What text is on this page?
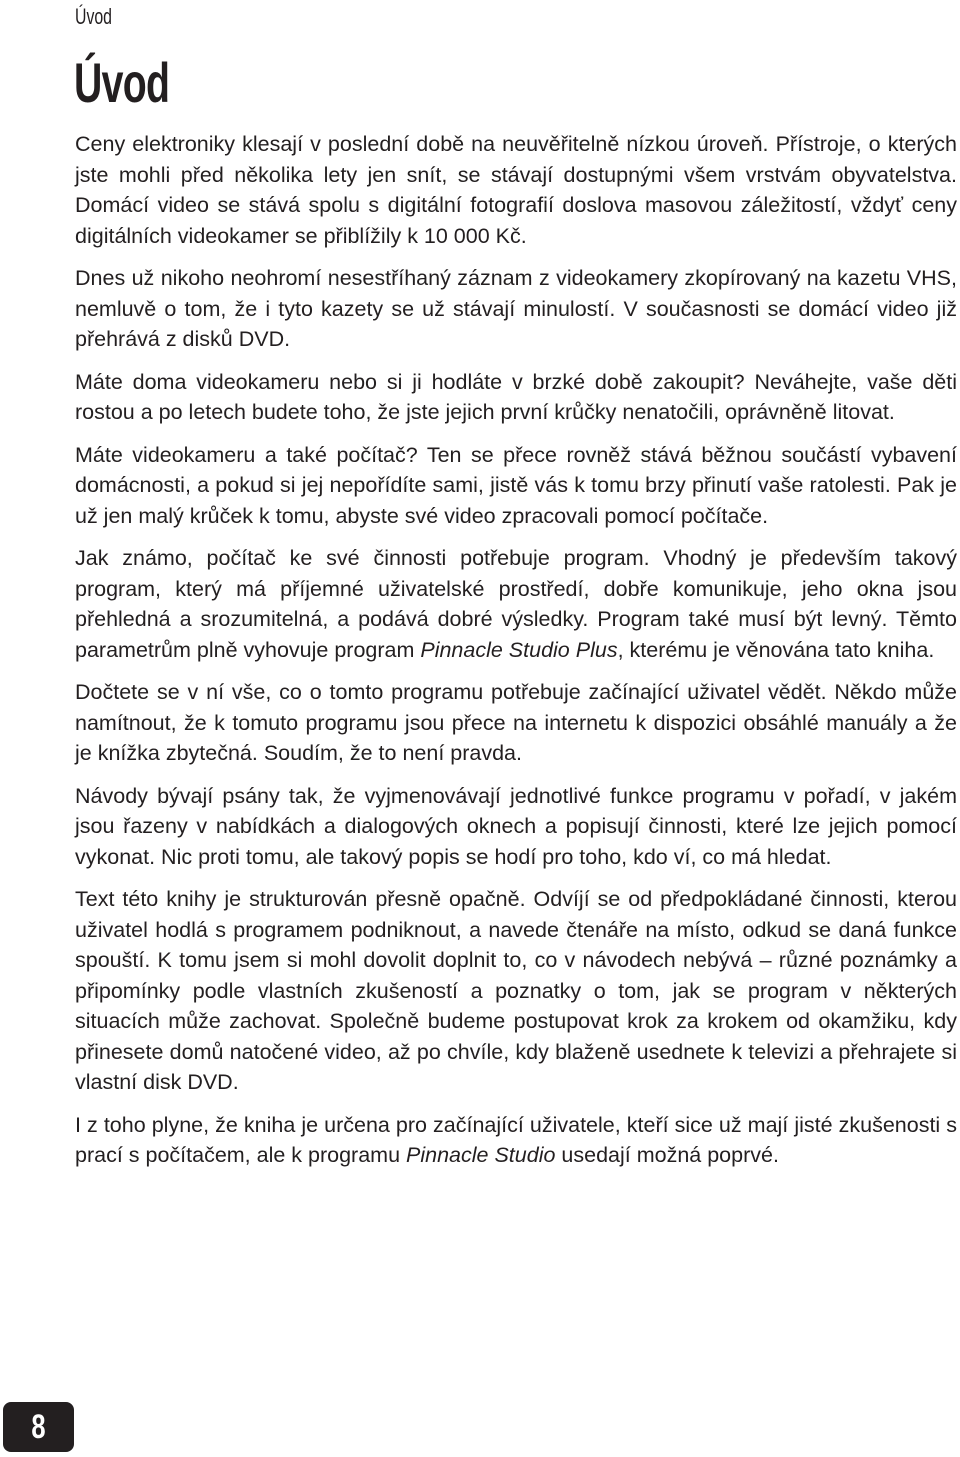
Úvod
Úvod

Ceny elektroniky klesají v poslední době na neuvěřitelně nízkou úroveň. Přístroje, o kterých jste mohli před několika lety jen snít, se stávají dostupnými všem vrstvám obyvatelstva. Domácí video se stává spolu s digitální fotografií doslova masovou záležitostí, vždyť ceny digitálních videokamer se přiblížily k 10 000 Kč.

Dnes už nikoho neohromí nesestříhaný záznam z videokamery zkopírovaný na kazetu VHS, nemluvě o tom, že i tyto kazety se už stávají minulostí. V současnosti se domácí video již přehrává z disků DVD.

Máte doma videokameru nebo si ji hodláte v brzké době zakoupit? Neváhejte, vaše děti rostou a po letech budete toho, že jste jejich první krůčky nenatočili, oprávněně litovat.

Máte videokameru a také počítač? Ten se přece rovněž stává běžnou součástí vybavení domácnosti, a pokud si jej nepořídíte sami, jistě vás k tomu brzy přinutí vaše ratolesti. Pak je už jen malý krůček k tomu, abyste své video zpracovali pomocí počítače.

Jak známo, počítač ke své činnosti potřebuje program. Vhodný je především takový program, který má příjemné uživatelské prostředí, dobře komunikuje, jeho okna jsou přehledná a srozumitelná, a podává dobré výsledky. Program také musí být levný. Těmto parametrům plně vyhovuje program Pinnacle Studio Plus, kterému je věnována tato kniha.

Dočtete se v ní vše, co o tomto programu potřebuje začínající uživatel vědět. Někdo může namítnout, že k tomuto programu jsou přece na internetu k dispozici obsáhlé manuály a že je knížka zbytečná. Soudím, že to není pravda.

Návody bývají psány tak, že vyjmenovávají jednotlivé funkce programu v pořadí, v jakém jsou řazeny v nabídkách a dialogových oknech a popisují činnosti, které lze jejich pomocí vykonat. Nic proti tomu, ale takový popis se hodí pro toho, kdo ví, co má hledat.

Text této knihy je strukturován přesně opačně. Odvíjí se od předpokládané činnosti, kterou uživatel hodlá s programem podniknout, a navede čtenáře na místo, odkud se daná funkce spouští. K tomu jsem si mohl dovolit doplnit to, co v návodech nebývá – různé poznámky a připomínky podle vlastních zkušeností a poznatky o tom, jak se program v některých situacích může zachovat. Společně budeme postupovat krok za krokem od okamžiku, kdy přinesete domů natočené video, až po chvíle, kdy blaženě usednete k televizi a přehrajete si vlastní disk DVD.

I z toho plyne, že kniha je určena pro začínající uživatele, kteří sice už mají jisté zkušenosti s prací s počítačem, ale k programu Pinnacle Studio usedají možná poprvé.

8
